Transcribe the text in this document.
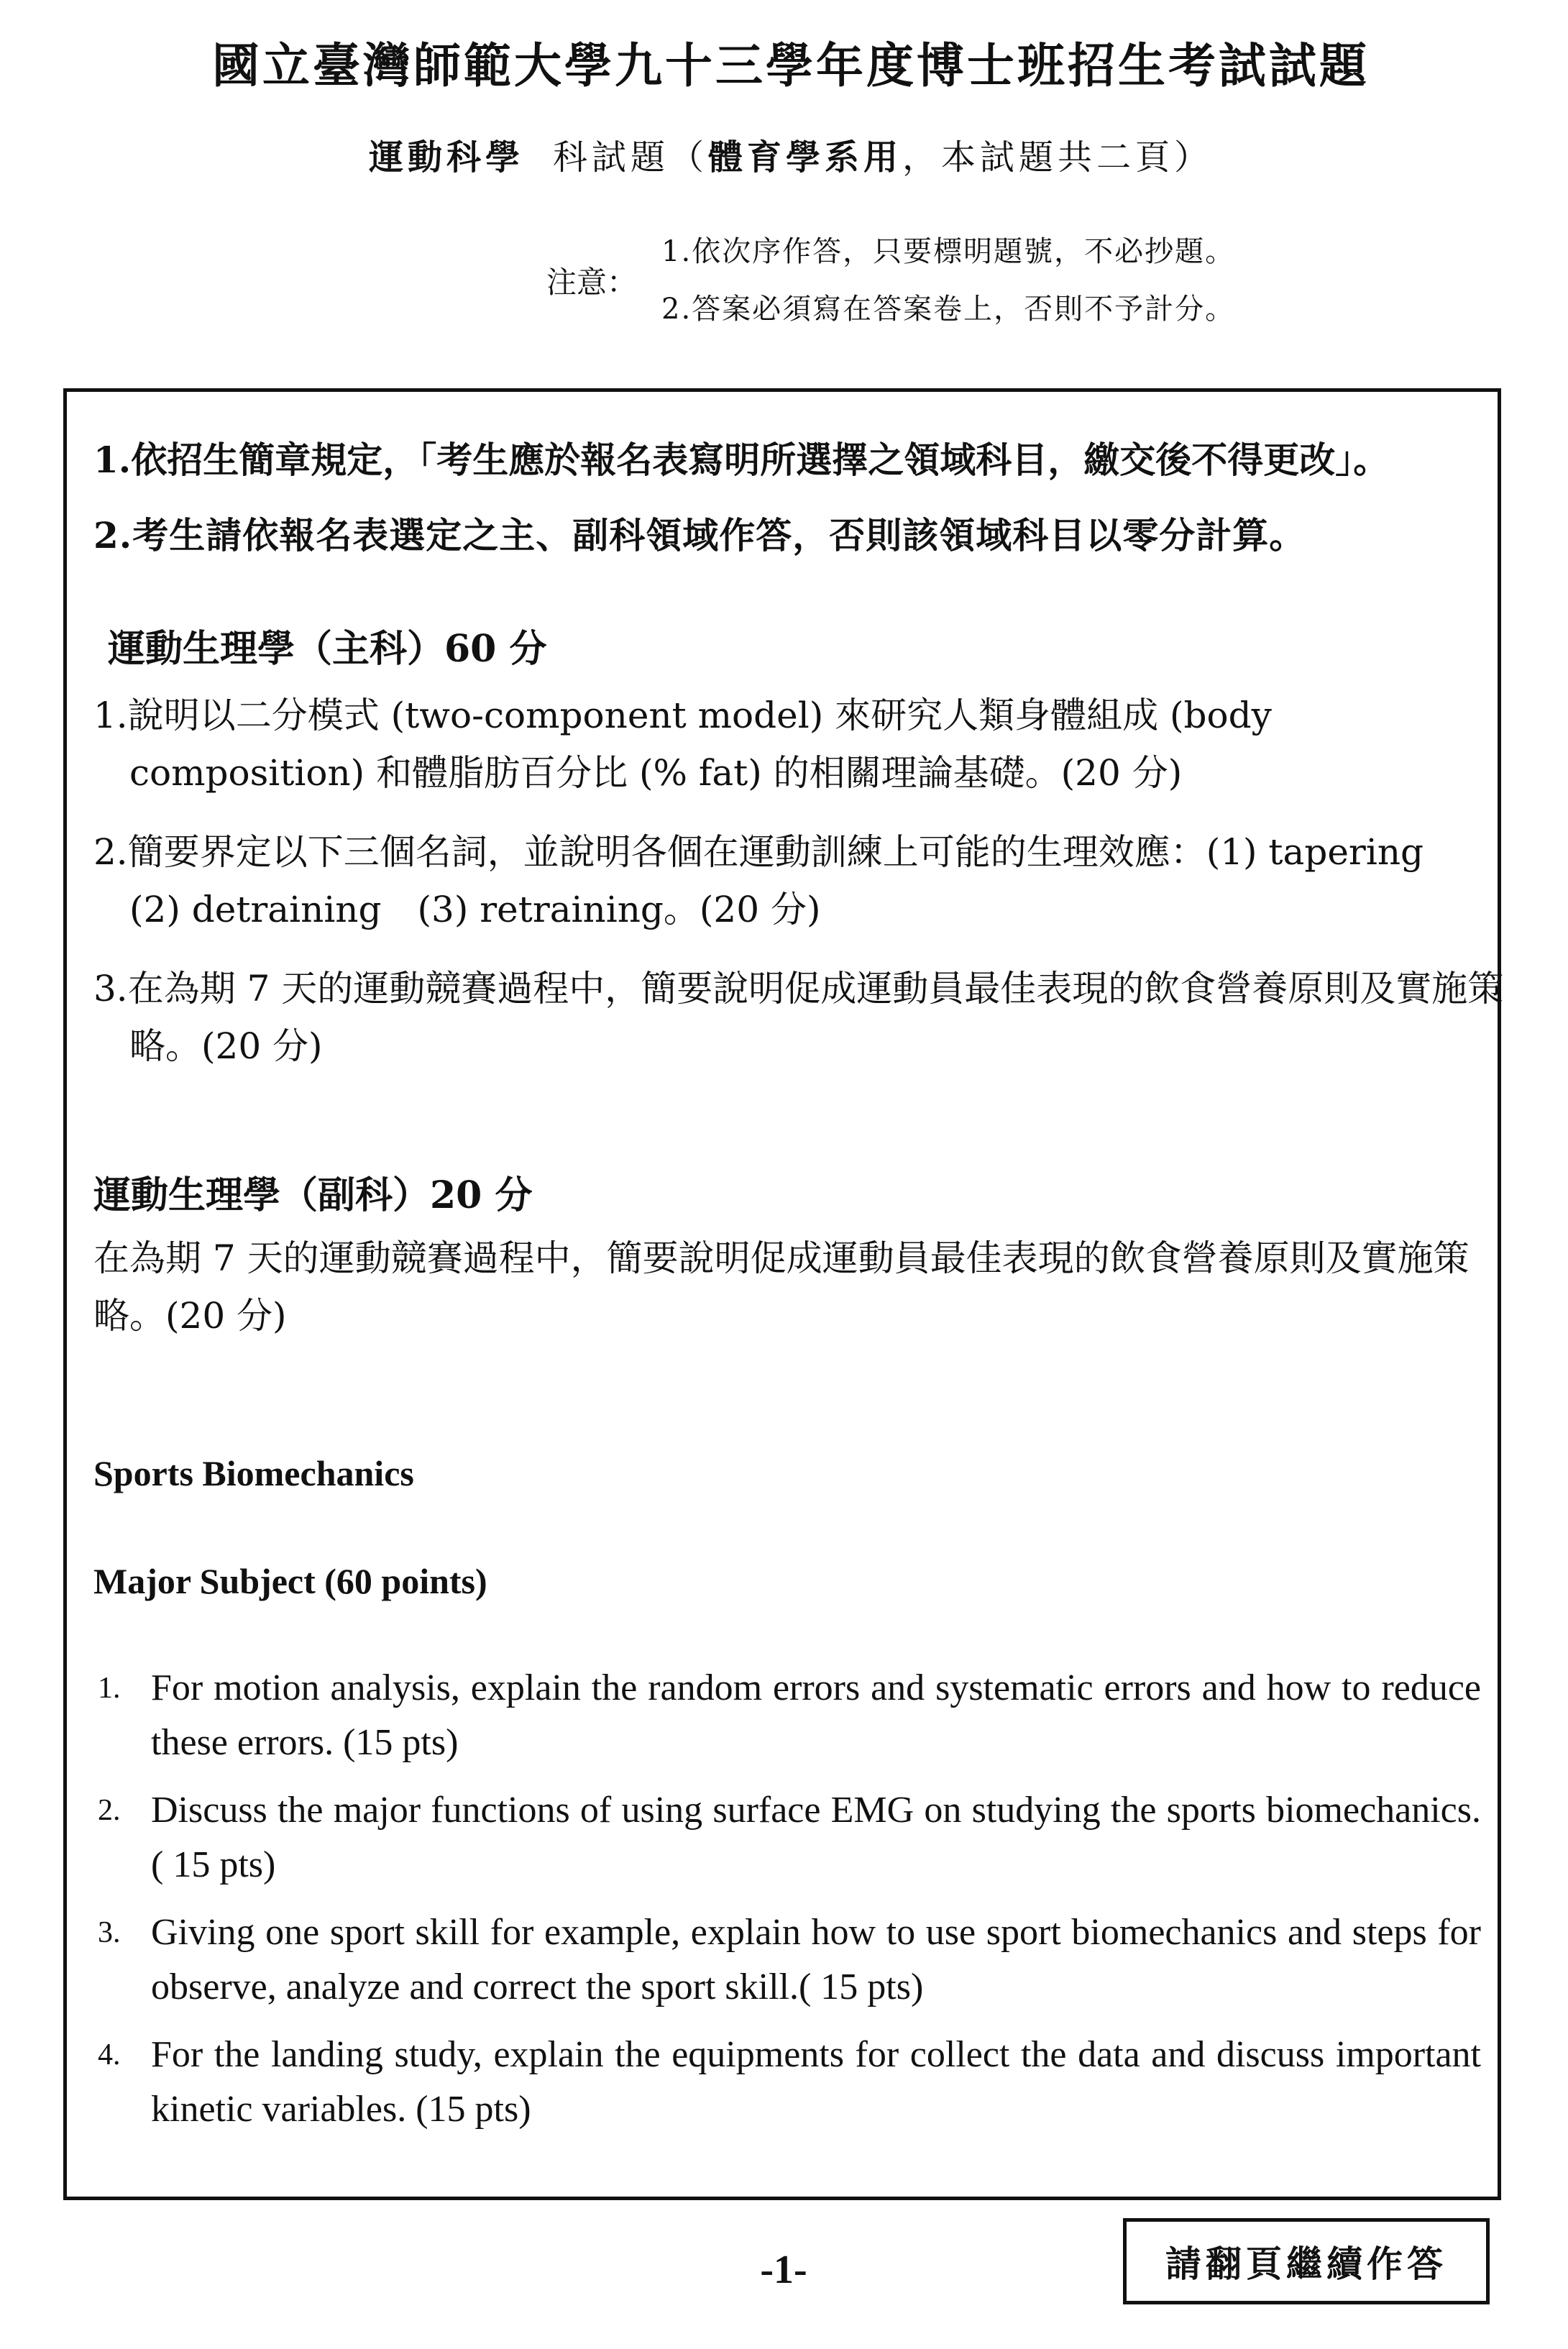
國立臺灣師範大學九十三學年度博士班招生考試試題
運動科學 科試題（體育學系用，本試題共二頁）
注意：
1.依次序作答，只要標明題號，不必抄題。
2.答案必須寫在答案卷上，否則不予計分。
1.依招生簡章規定，「考生應於報名表寫明所選擇之領域科目，繳交後不得更改」。
2.考生請依報名表選定之主、副科領域作答，否則該領域科目以零分計算。
運動生理學（主科）60 分
1.說明以二分模式 (two-component model) 來研究人類身體組成 (body composition) 和體脂肪百分比 (% fat) 的相關理論基礎。(20 分)
2.簡要界定以下三個名詞，並說明各個在運動訓練上可能的生理效應：(1) tapering　(2) detraining　(3) retraining。(20 分)
3.在為期 7 天的運動競賽過程中，簡要說明促成運動員最佳表現的飲食營養原則及實施策略。(20 分)
運動生理學（副科）20 分
在為期 7 天的運動競賽過程中，簡要說明促成運動員最佳表現的飲食營養原則及實施策略。(20 分)
Sports Biomechanics
Major Subject (60 points)
1. For motion analysis, explain the random errors and systematic errors and how to reduce these errors. (15 pts)
2. Discuss the major functions of using surface EMG on studying the sports biomechanics.( 15 pts)
3. Giving one sport skill for example, explain how to use sport biomechanics and steps for observe, analyze and correct the sport skill.( 15 pts)
4. For the landing study, explain the equipments for collect the data and discuss important kinetic variables. (15 pts)
-1-	請翻頁繼續作答
